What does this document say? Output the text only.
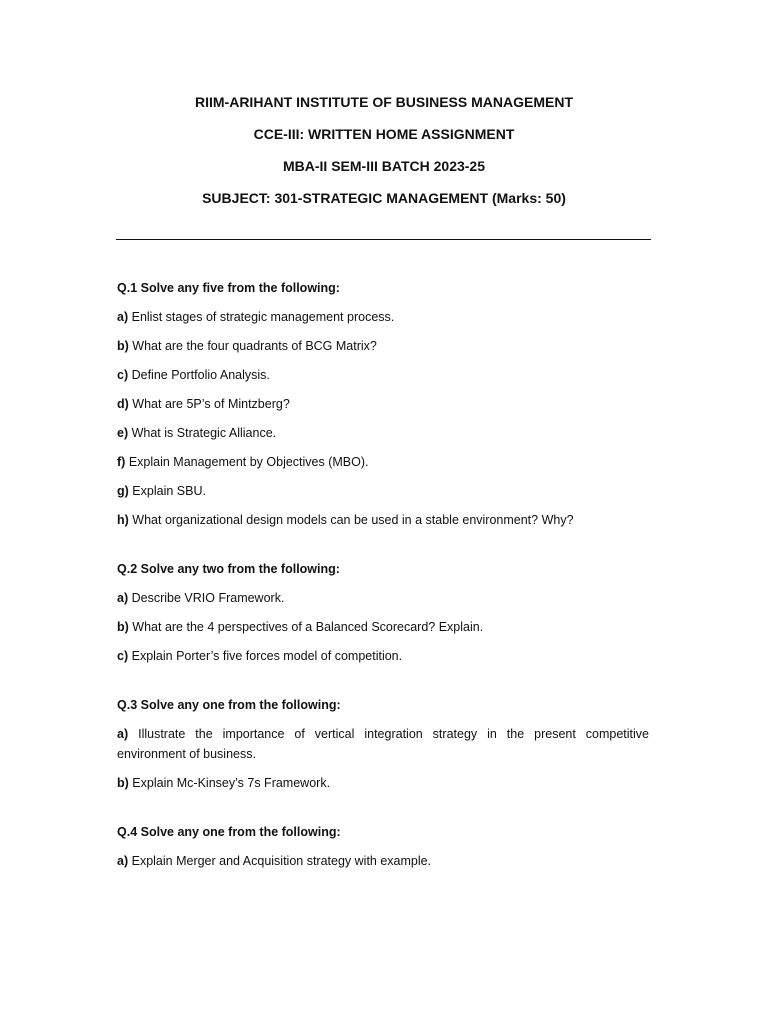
RIIM-ARIHANT INSTITUTE OF BUSINESS MANAGEMENT
CCE-III: WRITTEN HOME ASSIGNMENT
MBA-II SEM-III BATCH 2023-25
SUBJECT: 301-STRATEGIC MANAGEMENT (Marks: 50)
Q.1 Solve any five from the following:
a) Enlist stages of strategic management process.
b) What are the four quadrants of BCG Matrix?
c) Define Portfolio Analysis.
d) What are 5P’s of Mintzberg?
e) What is Strategic Alliance.
f) Explain Management by Objectives (MBO).
g) Explain SBU.
h) What organizational design models can be used in a stable environment? Why?
Q.2 Solve any two from the following:
a) Describe VRIO Framework.
b) What are the 4 perspectives of a Balanced Scorecard? Explain.
c) Explain Porter’s five forces model of competition.
Q.3 Solve any one from the following:
a) Illustrate the importance of vertical integration strategy in the present competitive environment of business.
b) Explain Mc-Kinsey’s 7s Framework.
Q.4 Solve any one from the following:
a) Explain Merger and Acquisition strategy with example.
